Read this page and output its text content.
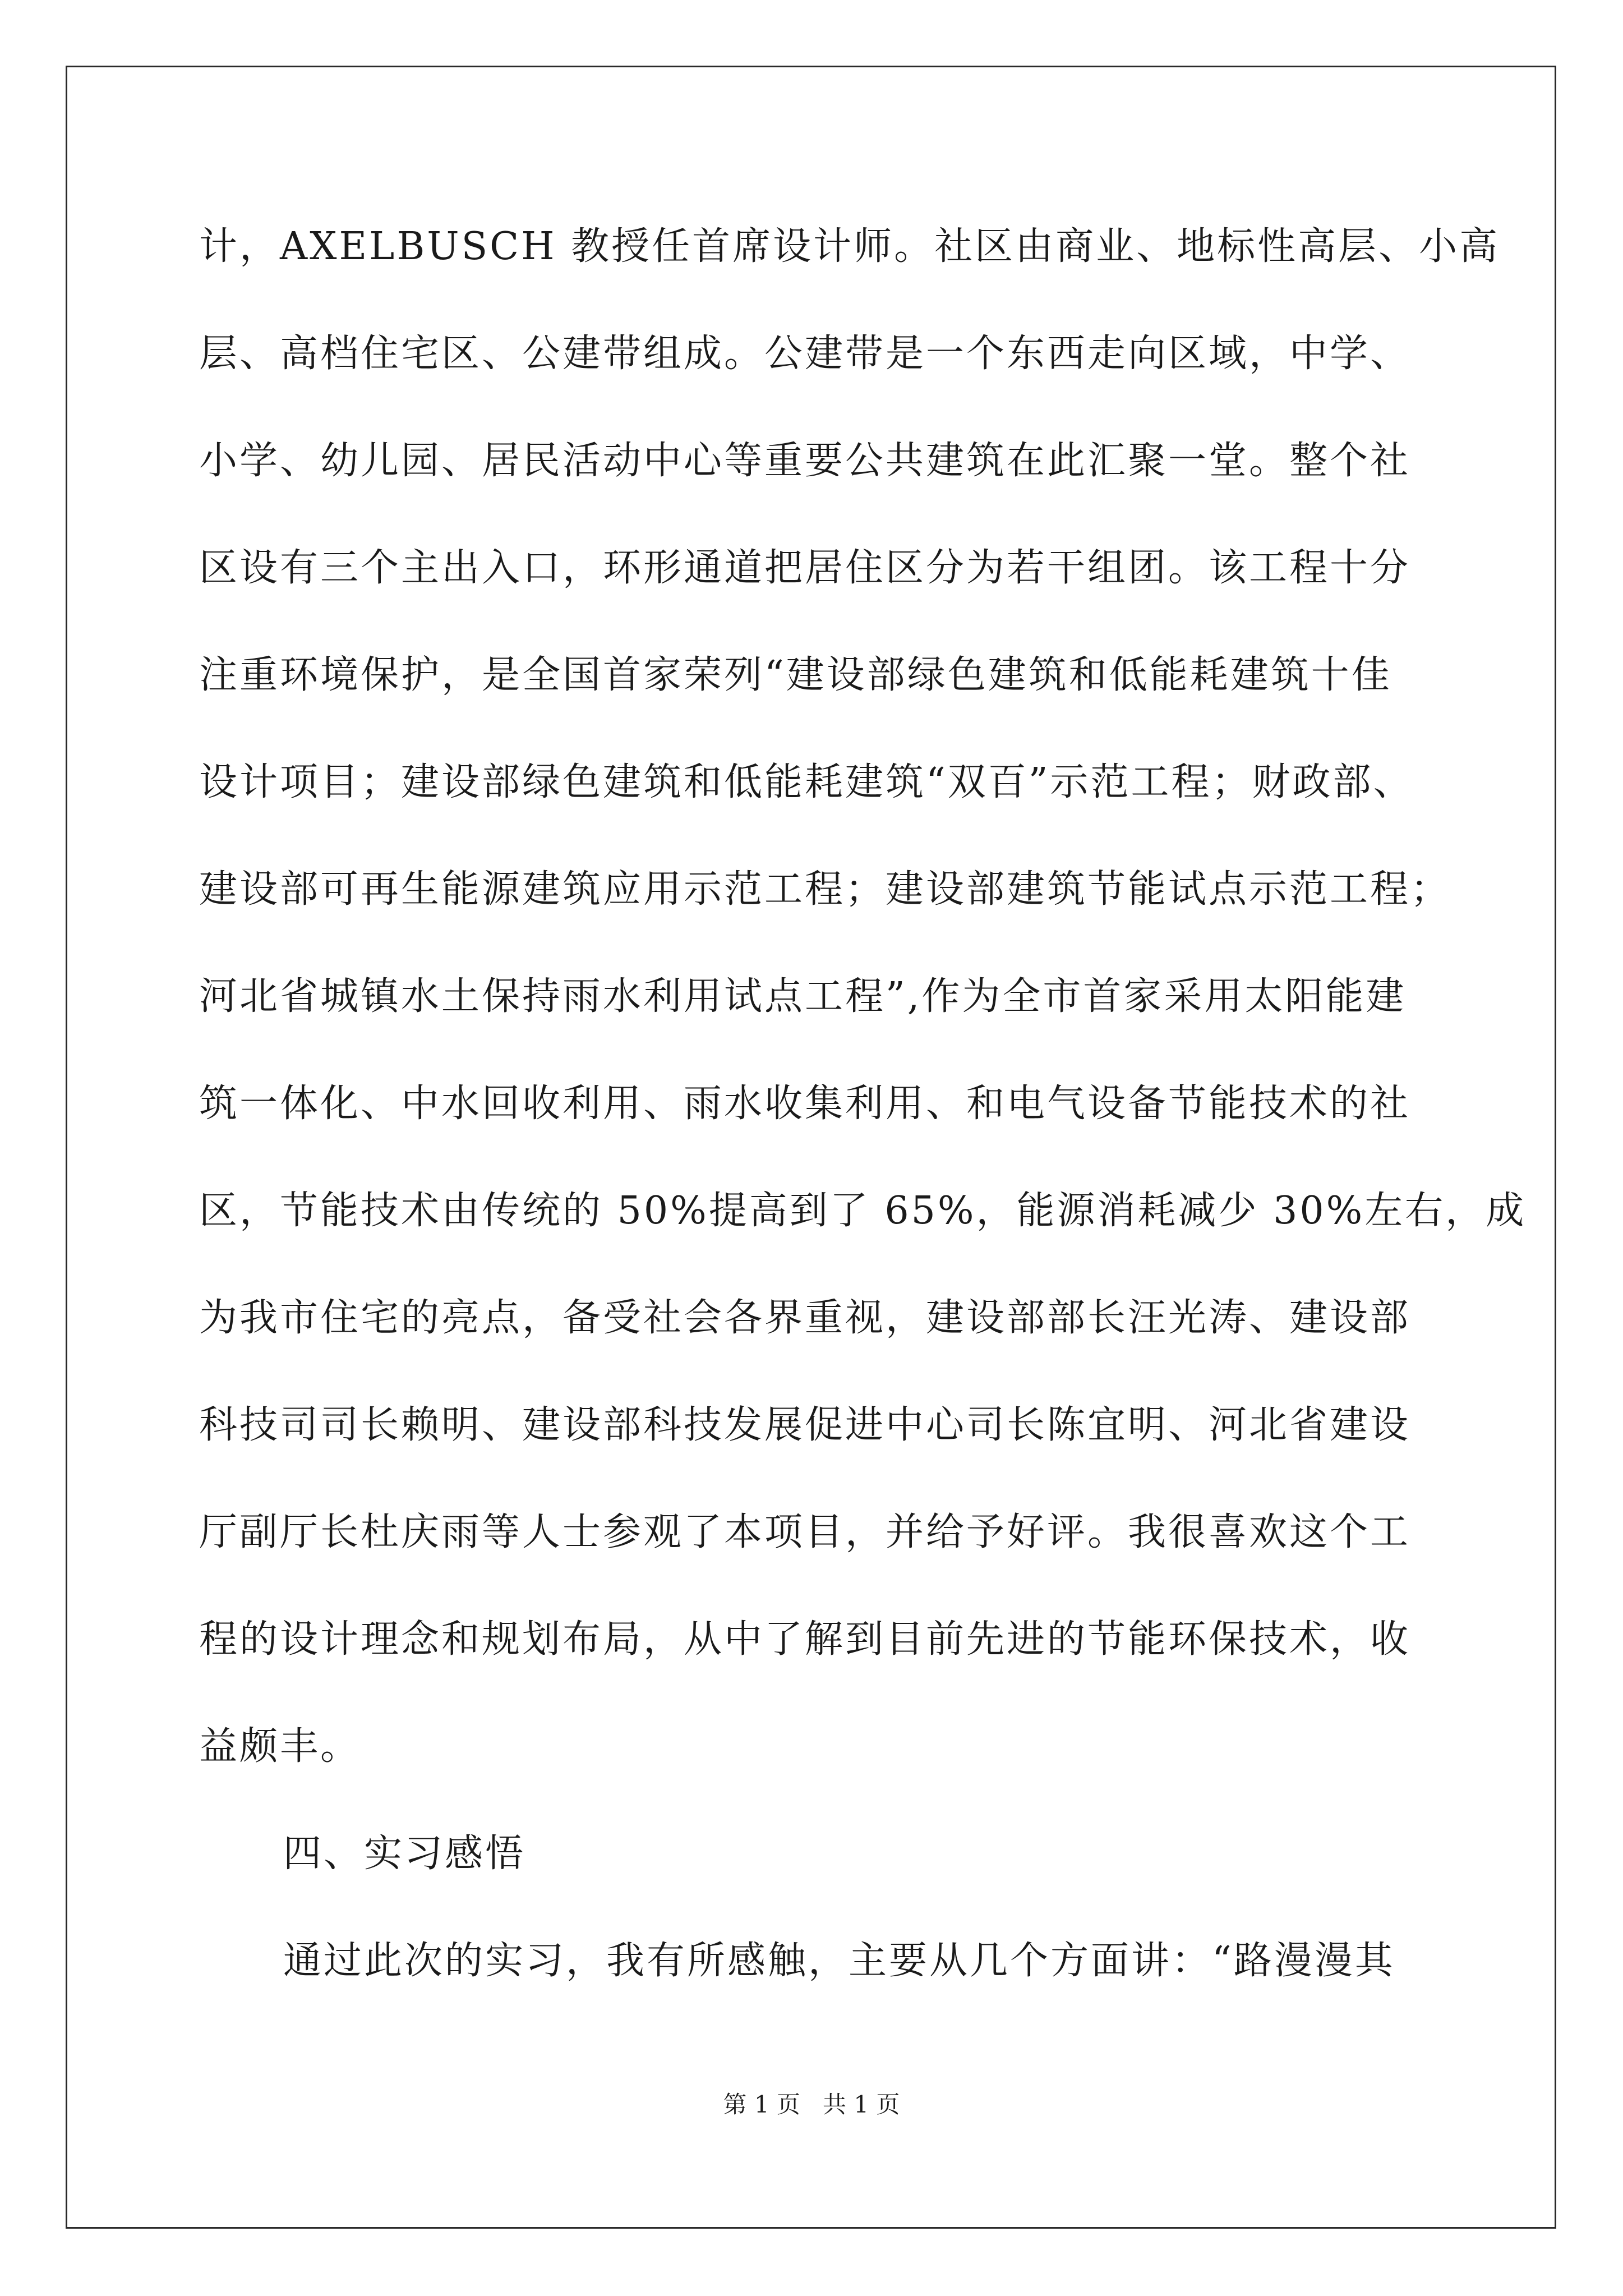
计，AXELBUSCH 教授任首席设计师。社区由商业、地标性高层、小高

层、高档住宅区、公建带组成。公建带是一个东西走向区域，中学、

小学、幼儿园、居民活动中心等重要公共建筑在此汇聚一堂。整个社

区设有三个主出入口，环形通道把居住区分为若干组团。该工程十分

注重环境保护，是全国首家荣列“建设部绿色建筑和低能耗建筑十佳

设计项目；建设部绿色建筑和低能耗建筑“双百”示范工程；财政部、

建设部可再生能源建筑应用示范工程；建设部建筑节能试点示范工程；

河北省城镇水土保持雨水利用试点工程”,作为全市首家采用太阳能建

筑一体化、中水回收利用、雨水收集利用、和电气设备节能技术的社

区，节能技术由传统的 50%提高到了 65%，能源消耗减少 30%左右，成

为我市住宅的亮点，备受社会各界重视，建设部部长汪光涛、建设部

科技司司长赖明、建设部科技发展促进中心司长陈宜明、河北省建设

厅副厅长杜庆雨等人士参观了本项目，并给予好评。我很喜欢这个工

程的设计理念和规划布局，从中了解到目前先进的节能环保技术，收

益颇丰。

四、实习感悟

通过此次的实习，我有所感触，主要从几个方面讲：“路漫漫其

第 1 页   共 1 页
